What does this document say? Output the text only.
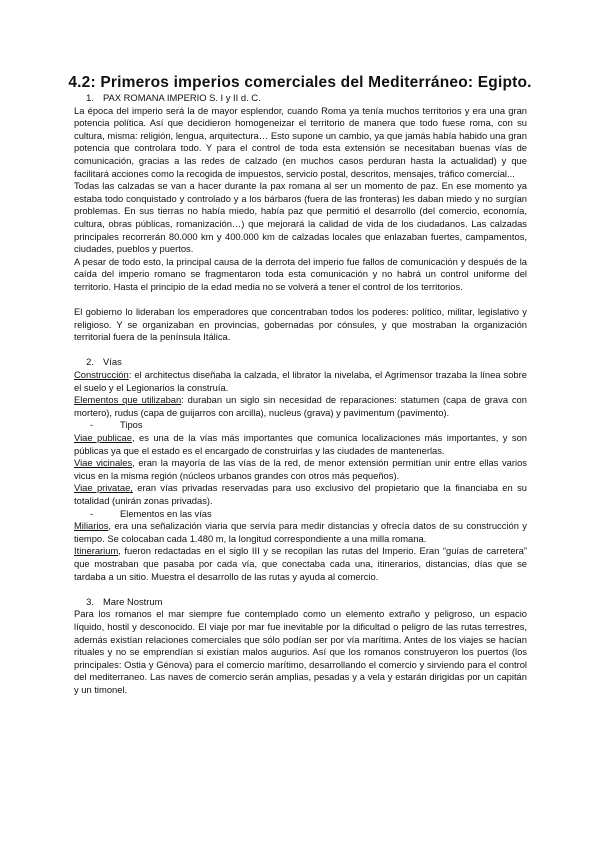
4.2: Primeros imperios comerciales del Mediterráneo: Egipto.

1. PAX ROMANA IMPERIO S. I y II d. C.

La época del imperio será la de mayor esplendor, cuando Roma ya tenía muchos territorios y era una gran potencia política. Así que decidieron homogeneizar el territorio de manera que todo fuese roma, con su cultura, misma: religión, lengua, arquitectura… Esto supone un cambio, ya que jamás había habido una gran potencia que controlara todo. Y para el control de toda esta extensión se necesitaban buenas vías de comunicación, gracias a las redes de calzado (en muchos casos perduran hasta la actualidad) y que facilitará acciones como la recogida de impuestos, servicio postal, descritos, mensajes, tráfico comercial...

Todas las calzadas se van a hacer durante la pax romana al ser un momento de paz. En ese momento ya estaba todo conquistado y controlado y a los bárbaros (fuera de las fronteras) les daban miedo y no surgían problemas. En sus tierras no había miedo, había paz que permitió el desarrollo (del comercio, economía, cultura, obras públicas, romanización…) que mejorará la calidad de vida de los ciudadanos. Las calzadas principales recorrerán 80.000 km y 400.000 km de calzadas locales que enlazaban fuertes, campamentos, ciudades, pueblos y puertos.

A pesar de todo esto, la principal causa de la derrota del imperio fue fallos de comunicación y después de la caída del imperio romano se fragmentaron toda esta comunicación y no habrá un control uniforme del territorio. Hasta el principio de la edad media no se volverá a tener el control de los territorios.

El gobierno lo lideraban los emperadores que concentraban todos los poderes: político, militar, legislativo y religioso. Y se organizaban en provincias, gobernadas por cónsules, y que mostraban la organización territorial fuera de la península Itálica.

2. Vías

Construcción: el architectus diseñaba la calzada, el librator la nivelaba, el Agrimensor trazaba la línea sobre el suelo y el Legionarios la construía.

Elementos que utilizaban: duraban un siglo sin necesidad de reparaciones: statumen (capa de grava con mortero), rudus (capa de guijarros con arcilla), nucleus (grava) y pavimentum (pavimento).

-	Tipos

Viae publicae, es una de la vías más importantes que comunica localizaciones más importantes, y son públicas ya que el estado es el encargado de construirlas y las ciudades de mantenerlas.

Viae vicinales, eran la mayoría de las vías de la red, de menor extensión permitían unir entre ellas varios vicus en la misma región (núcleos urbanos grandes con otros más pequeños).

Viae privatae, eran vías privadas reservadas para uso exclusivo del propietario que la financiaba en su totalidad (unirán zonas privadas).

-	Elementos en las vías

Miliarios, era una señalización viaria que servía para medir distancias y ofrecía datos de su construcción y tiempo. Se colocaban cada 1.480 m, la longitud correspondiente a una milla romana.

Itinerarium, fueron redactadas en el siglo III y se recopilan las rutas del Imperio. Eran “guías de carretera” que mostraban que pasaba por cada vía, que conectaba cada una, itinerarios, distancias, días que se tardaba a un sitio. Muestra el desarrollo de las rutas y ayuda al comercio.

3. Mare Nostrum

Para los romanos el mar siempre fue contemplado como un elemento extraño y peligroso, un espacio líquido, hostil y desconocido. El viaje por mar fue inevitable por la dificultad o peligro de las rutas terrestres, además existían relaciones comerciales que sólo podían ser por vía marítima. Antes de los viajes se hacían rituales y no se emprendían si existían malos augurios. Así que los romanos construyeron los puertos (los principales: Ostia y Génova) para el comercio marítimo, desarrollando el comercio y sirviendo para el control del mediterraneo. Las naves de comercio serán amplias, pesadas y a vela y estarán dirigidas por un capitán y un timonel.
